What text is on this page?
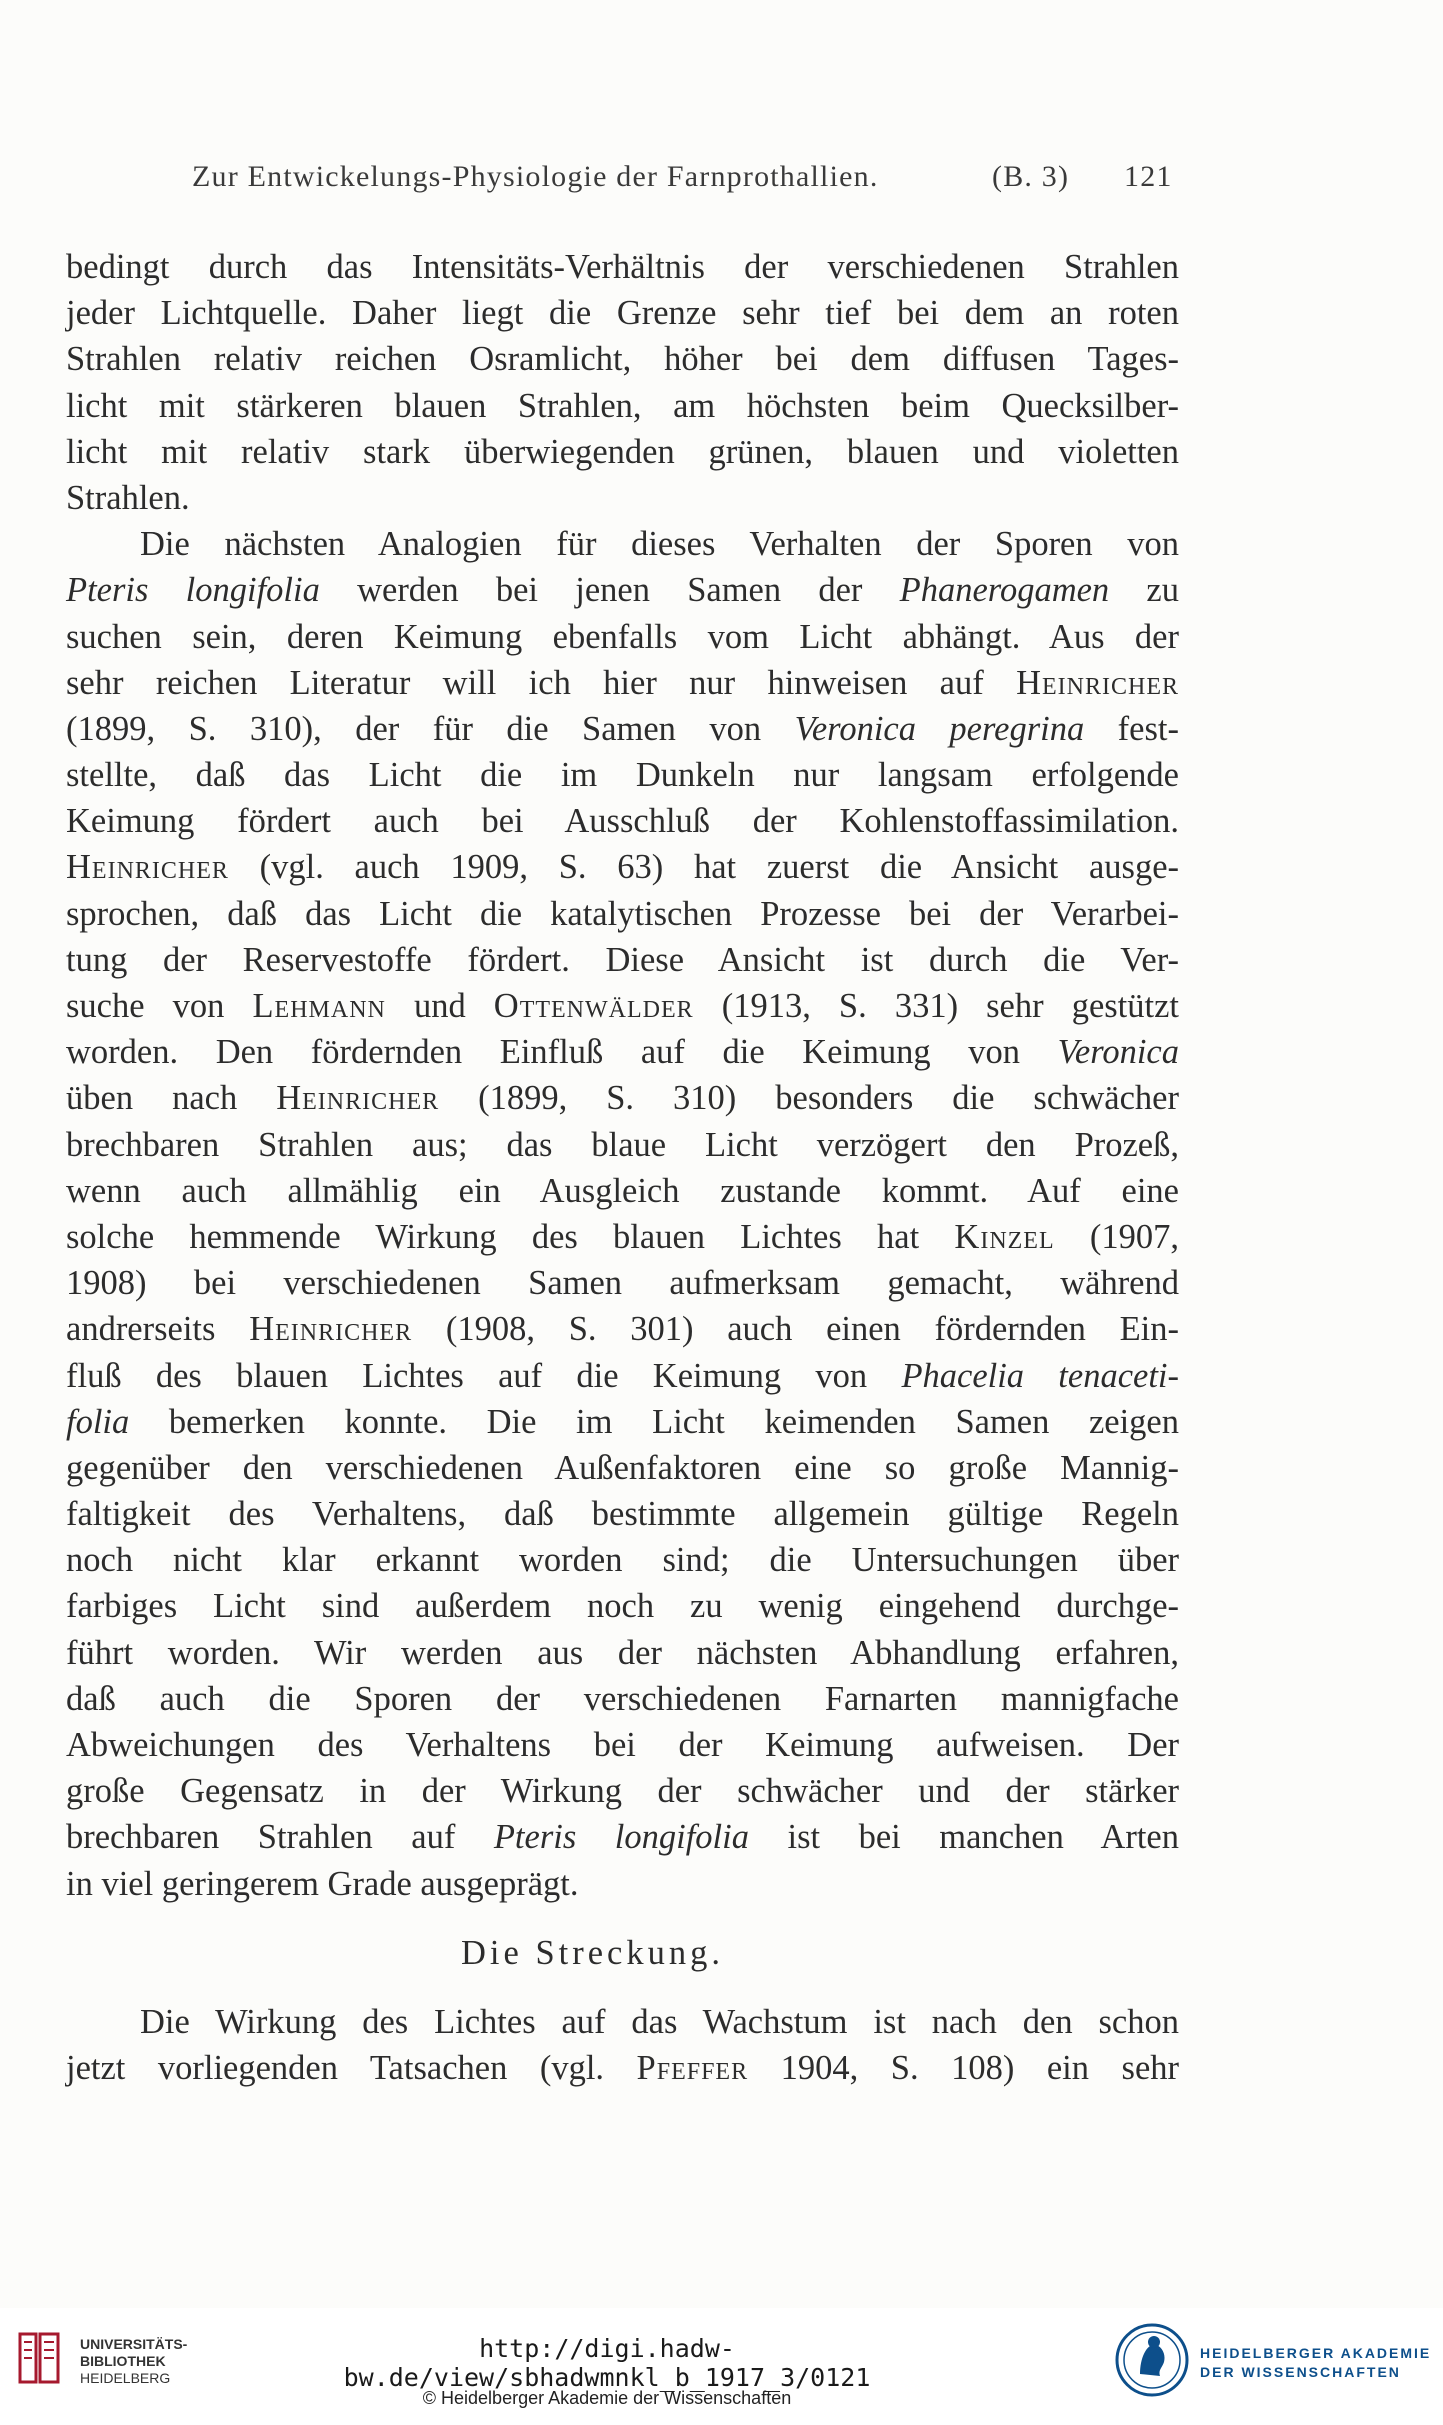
Zur Entwickelungs-Physiologie der Farnprothallien.	(B. 3) 121
bedingt durch das Intensitäts-Verhältnis der verschiedenen Strahlen
jeder Lichtquelle. Daher liegt die Grenze sehr tief bei dem an roten
Strahlen relativ reichen Osramlicht, höher bei dem diffusen Tages-
licht mit stärkeren blauen Strahlen, am höchsten beim Quecksilber-
licht mit relativ stark überwiegenden grünen, blauen und violetten
Strahlen.
Die nächsten Analogien für dieses Verhalten der Sporen von
Pteris longifolia werden bei jenen Samen der Phanerogamen zu
suchen sein, deren Keimung ebenfalls vom Licht abhängt. Aus der
sehr reichen Literatur will ich hier nur hinweisen auf Heinricher
(1899, S. 310), der für die Samen von Veronica peregrina fest-
stellte, daß das Licht die im Dunkeln nur langsam erfolgende
Keimung fördert auch bei Ausschluß der Kohlenstoffassimilation.
Heinricher (vgl. auch 1909, S. 63) hat zuerst die Ansicht ausge-
sprochen, daß das Licht die katalytischen Prozesse bei der Verarbei-
tung der Reservestoffe fördert. Diese Ansicht ist durch die Ver-
suche von Lehmann und Ottenwälder (1913, S. 331) sehr gestützt
worden. Den fördernden Einfluß auf die Keimung von Veronica
üben nach Heinricher (1899, S. 310) besonders die schwächer
brechbaren Strahlen aus; das blaue Licht verzögert den Prozeß,
wenn auch allmählig ein Ausgleich zustande kommt. Auf eine
solche hemmende Wirkung des blauen Lichtes hat Kinzel (1907,
1908) bei verschiedenen Samen aufmerksam gemacht, während
andrerseits Heinricher (1908, S. 301) auch einen fördernden Ein-
fluß des blauen Lichtes auf die Keimung von Phacelia tenaceti-
folia bemerken konnte. Die im Licht keimenden Samen zeigen
gegenüber den verschiedenen Außenfaktoren eine so große Mannig-
faltigkeit des Verhaltens, daß bestimmte allgemein gültige Regeln
noch nicht klar erkannt worden sind; die Untersuchungen über
farbiges Licht sind außerdem noch zu wenig eingehend durchge-
führt worden. Wir werden aus der nächsten Abhandlung erfahren,
daß auch die Sporen der verschiedenen Farnarten mannigfache
Abweichungen des Verhaltens bei der Keimung aufweisen. Der
große Gegensatz in der Wirkung der schwächer und der stärker
brechbaren Strahlen auf Pteris longifolia ist bei manchen Arten
in viel geringerem Grade ausgeprägt.
Die Streckung.
Die Wirkung des Lichtes auf das Wachstum ist nach den schon
jetzt vorliegenden Tatsachen (vgl. Pfeffer 1904, S. 108) ein sehr
UNIVERSITÄTS-
BIBLIOTHEK
HEIDELBERG
http://digi.hadw-bw.de/view/sbhadwmnkl_b_1917_3/0121
© Heidelberger Akademie der Wissenschaften
HEIDELBERGER AKADEMIE
DER WISSENSCHAFTEN
